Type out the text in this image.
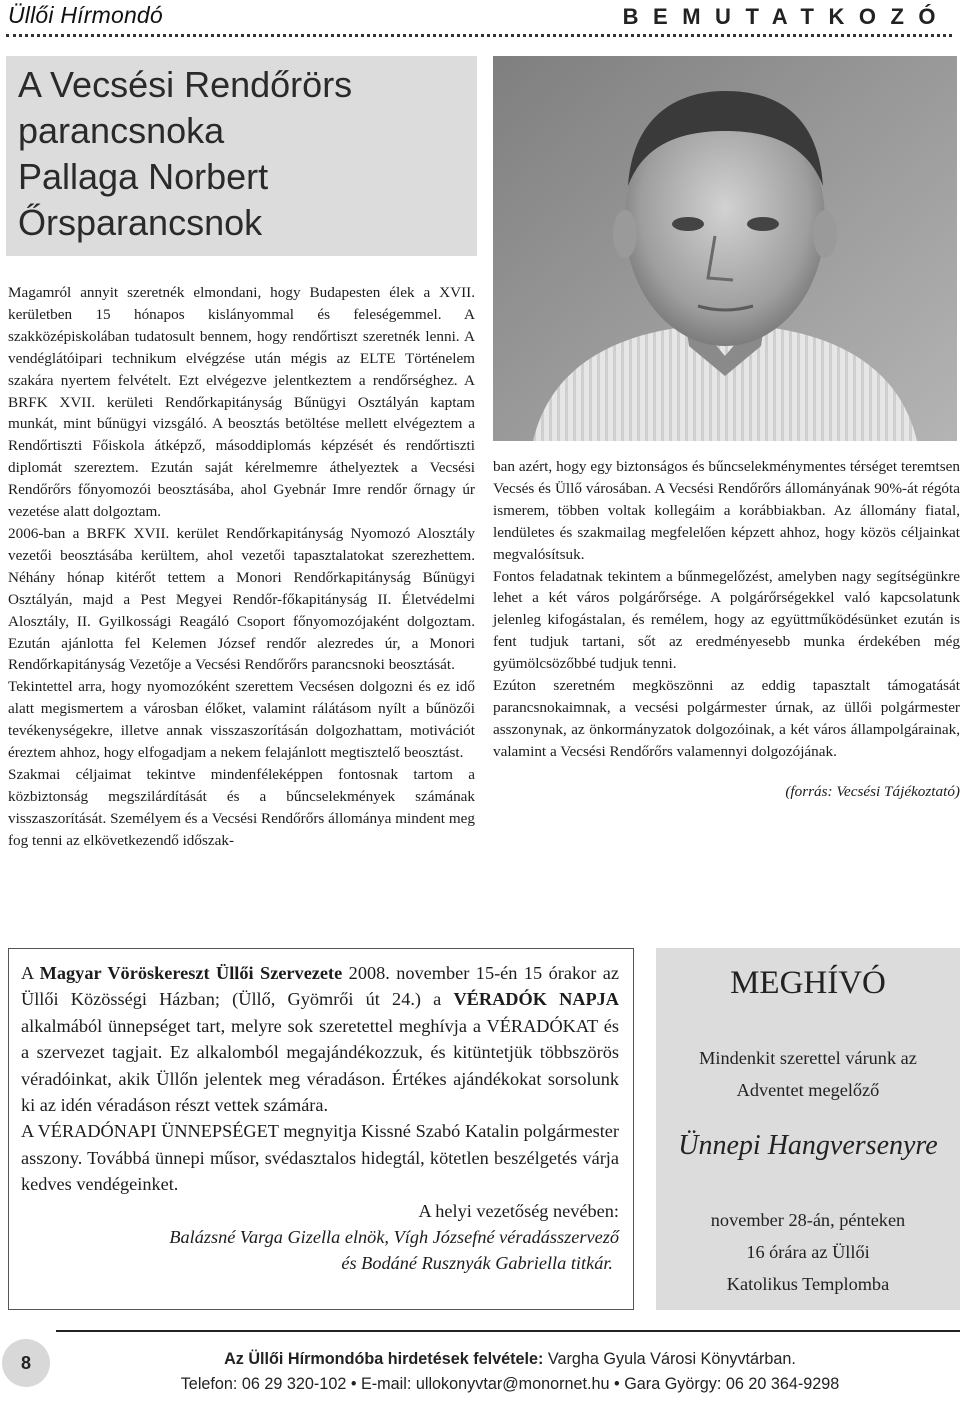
Üllői Hírmondó	BEMUTATKOZÓ
A Vecsési Rendőrörs
parancsnoka
Pallaga Norbert
Őrsparancsnok

Magamról annyit szeretnék elmondani, hogy Budapesten élek a XVII. kerületben 15 hónapos kislányommal és feleségemmel. A szakközépiskolában tudatosult bennem, hogy rendőrtiszt szeretnék lenni. A vendéglátóipari technikum elvégzése után mégis az ELTE Történelem szakára nyertem felvételt. Ezt elvégezve jelentkeztem a rendőrséghez. A BRFK XVII. kerületi Rendőrkapitányság Bűnügyi Osztályán kaptam munkát, mint bűnügyi vizsgáló. A beosztás betöltése mellett elvégeztem a Rendőrtiszti Főiskola átképző, másoddiplomás képzését és rendőrtiszti diplomát szereztem. Ezután saját kérelmemre áthelyeztek a Vecsési Rendőrőrs főnyomozói beosztásába, ahol Gyebnár Imre rendőr őrnagy úr vezetése alatt dolgoztam.

2006-ban a BRFK XVII. kerület Rendőrkapitányság Nyomozó Alosztály vezetői beosztásába kerültem, ahol vezetői tapasztalatokat szerezhettem. Néhány hónap kitérőt tettem a Monori Rendőrkapitányság Bűnügyi Osztályán, majd a Pest Megyei Rendőr-főkapitányság II. Életvédelmi Alosztály, II. Gyilkossági Reagáló Csoport főnyomozójaként dolgoztam. Ezután ajánlotta fel Kelemen József rendőr alezredes úr, a Monori Rendőrkapitányság Vezetője a Vecsési Rendőrőrs parancsnoki beosztását.

Tekintettel arra, hogy nyomozóként szerettem Vecsésen dolgozni és ez idő alatt megismertem a városban élőket, valamint rálátásom nyílt a bűnözői tevékenységekre, illetve annak visszaszorításán dolgozhattam, motivációt éreztem ahhoz, hogy elfogadjam a nekem felajánlott megtisztelő beosztást.

Szakmai céljaimat tekintve mindenféleképpen fontosnak tartom a közbiztonság megszilárdítását és a bűncselekmények számának visszaszorítását. Személyem és a Vecsési Rendőrőrs állománya mindent meg fog tenni az elkövetkezendő időszak-

ban azért, hogy egy biztonságos és bűncselekménymentes térséget teremtsen Vecsés és Üllő városában. A Vecsési Rendőrőrs állományának 90%-át régóta ismerem, többen voltak kollegáim a korábbiakban. Az állomány fiatal, lendületes és szakmailag megfelelően képzett ahhoz, hogy közös céljainkat megvalósítsuk.

Fontos feladatnak tekintem a bűnmegelőzést, amelyben nagy segítségünkre lehet a két város polgárőrsége. A polgárőrségekkel való kapcsolatunk jelenleg kifogástalan, és remélem, hogy az együttműködésünket ezután is fent tudjuk tartani, sőt az eredményesebb munka érdekében még gyümölcsözőbbé tudjuk tenni.

Ezúton szeretném megköszönni az eddig tapasztalt támogatását parancsnokaimnak, a vecsési polgármester úrnak, az üllői polgármester asszonynak, az önkormányzatok dolgozóinak, a két város állampolgárainak, valamint a Vecsési Rendőrőrs valamennyi dolgozójának.

(forrás: Vecsési Tájékoztató)

A Magyar Vöröskereszt Üllői Szervezete 2008. november 15-én 15 órakor az Üllői Közösségi Házban; (Üllő, Gyömrői út 24.) a VÉRADÓK NAPJA alkalmából ünnepséget tart, melyre sok szeretettel meghívja a VÉRADÓKAT és a szervezet tagjait. Ez alkalomból megajándékozzuk, és kitüntetjük többszörös véradóinkat, akik Üllőn jelentek meg véradáson. Értékes ajándékokat sorsolunk ki az idén véradáson részt vettek számára.

A VÉRADÓNAPI ÜNNEPSÉGET megnyitja Kissné Szabó Katalin polgármester asszony. Továbbá ünnepi műsor, svédasztalos hidegtál, kötetlen beszélgetés várja kedves vendégeinket.

A helyi vezetőség nevében:

Balázsné Varga Gizella elnök, Vígh Józsefné véradásszervező

és Bodáné Rusznyák Gabriella titkár.

MEGHÍVÓ
Mindenkit szerettel várunk az
Adventet megelőző
Ünnepi Hangversenyre
november 28-án, pénteken
16 órára az Üllői
Katolikus Templomba
8	Az Üllői Hírmondóba hirdetések felvétele: Vargha Gyula Városi Könyvtárban.
Telefon: 06 29 320-102 • E-mail: ullokonyvtar@monornet.hu • Gara György: 06 20 364-9298
